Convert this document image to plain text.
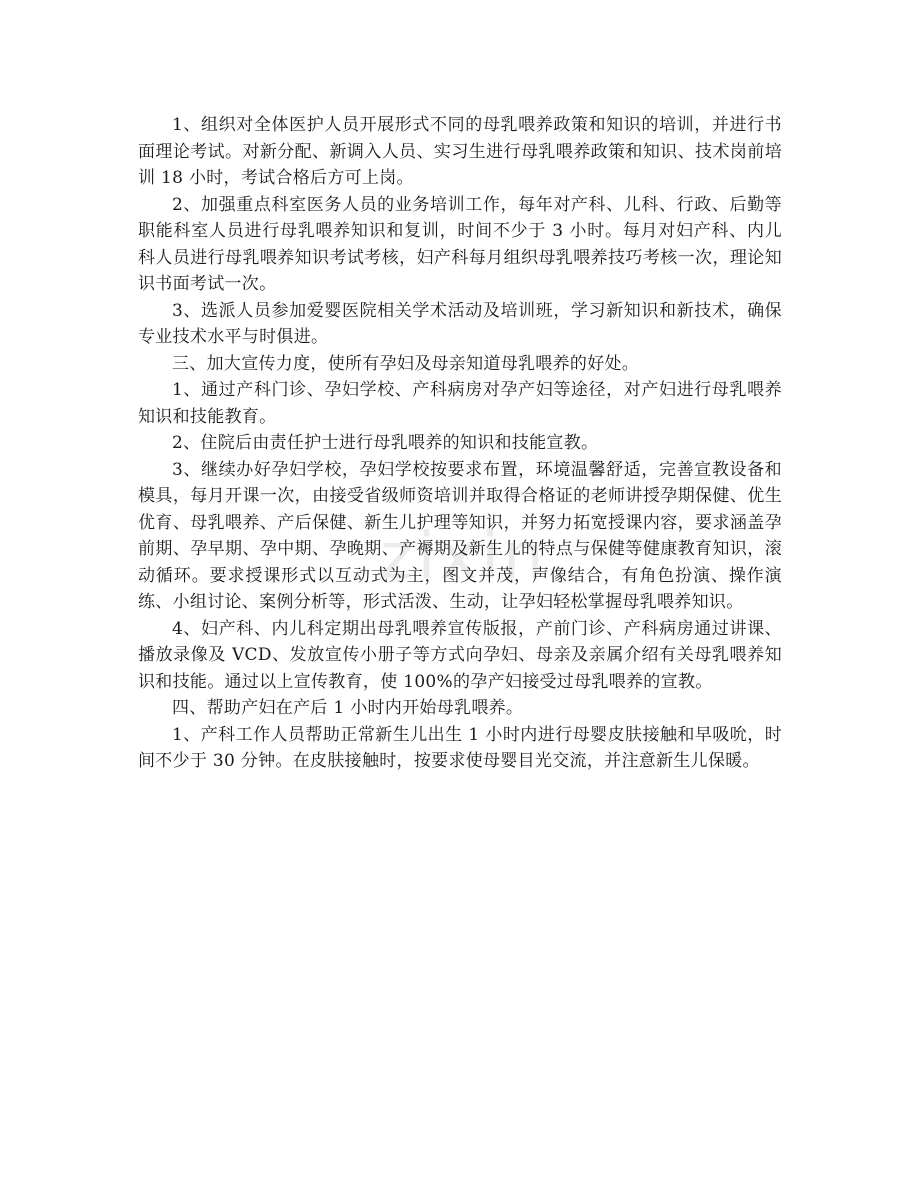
zixin

1、组织对全体医护人员开展形式不同的母乳喂养政策和知识的培训，并进行书面理论考试。对新分配、新调入人员、实习生进行母乳喂养政策和知识、技术岗前培训 18 小时，考试合格后方可上岗。

2、加强重点科室医务人员的业务培训工作，每年对产科、儿科、行政、后勤等职能科室人员进行母乳喂养知识和复训，时间不少于 3 小时。每月对妇产科、内儿科人员进行母乳喂养知识考试考核，妇产科每月组织母乳喂养技巧考核一次，理论知识书面考试一次。

3、选派人员参加爱婴医院相关学术活动及培训班，学习新知识和新技术，确保专业技术水平与时俱进。

三、加大宣传力度，使所有孕妇及母亲知道母乳喂养的好处。

1、通过产科门诊、孕妇学校、产科病房对孕产妇等途径，对产妇进行母乳喂养知识和技能教育。

2、住院后由责任护士进行母乳喂养的知识和技能宣教。

3、继续办好孕妇学校，孕妇学校按要求布置，环境温馨舒适，完善宣教设备和模具，每月开课一次，由接受省级师资培训并取得合格证的老师讲授孕期保健、优生优育、母乳喂养、产后保健、新生儿护理等知识，并努力拓宽授课内容，要求涵盖孕前期、孕早期、孕中期、孕晚期、产褥期及新生儿的特点与保健等健康教育知识，滚动循环。要求授课形式以互动式为主，图文并茂，声像结合，有角色扮演、操作演练、小组讨论、案例分析等，形式活泼、生动，让孕妇轻松掌握母乳喂养知识。

4、妇产科、内儿科定期出母乳喂养宣传版报，产前门诊、产科病房通过讲课、播放录像及 VCD、发放宣传小册子等方式向孕妇、母亲及亲属介绍有关母乳喂养知识和技能。通过以上宣传教育，使 100%的孕产妇接受过母乳喂养的宣教。

四、帮助产妇在产后 1 小时内开始母乳喂养。

1、产科工作人员帮助正常新生儿出生 1 小时内进行母婴皮肤接触和早吸吮，时间不少于 30 分钟。在皮肤接触时，按要求使母婴目光交流，并注意新生儿保暖。
